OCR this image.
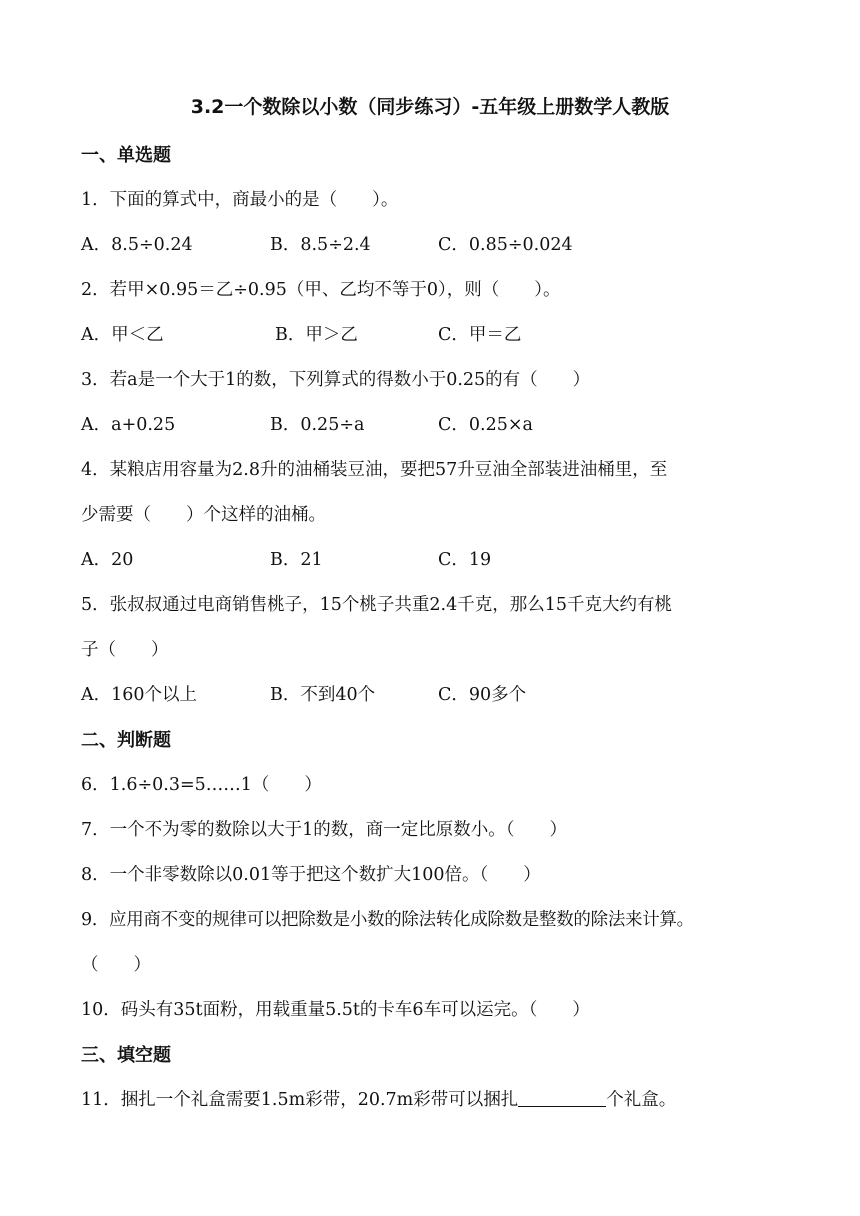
3.2一个数除以小数（同步练习）-五年级上册数学人教版
一、单选题
1．下面的算式中，商最小的是（　　）。
A．8.5÷0.24	B．8.5÷2.4	C．0.85÷0.024
2．若甲×0.95＝乙÷0.95（甲、乙均不等于0），则（　　）。
A．甲＜乙	B．甲＞乙	C．甲＝乙
3．若a是一个大于1的数，下列算式的得数小于0.25的有（　　）
A．a+0.25	B．0.25÷a	C．0.25×a
4．某粮店用容量为2.8升的油桶装豆油，要把57升豆油全部装进油桶里，至
少需要（　　）个这样的油桶。
A．20	B．21	C．19
5．张叔叔通过电商销售桃子，15个桃子共重2.4千克，那么15千克大约有桃
子（　　）
A．160个以上	B．不到40个	C．90多个
二、判断题
6．1.6÷0.3=5……1（　　）
7．一个不为零的数除以大于1的数，商一定比原数小。（　　）
8．一个非零数除以0.01等于把这个数扩大100倍。（　　）
9．应用商不变的规律可以把除数是小数的除法转化成除数是整数的除法来计算。
（　　）
10．码头有35t面粉，用载重量5.5t的卡车6车可以运完。（　　）
三、填空题
11．捆扎一个礼盒需要1.5m彩带，20.7m彩带可以捆扎	个礼盒。
